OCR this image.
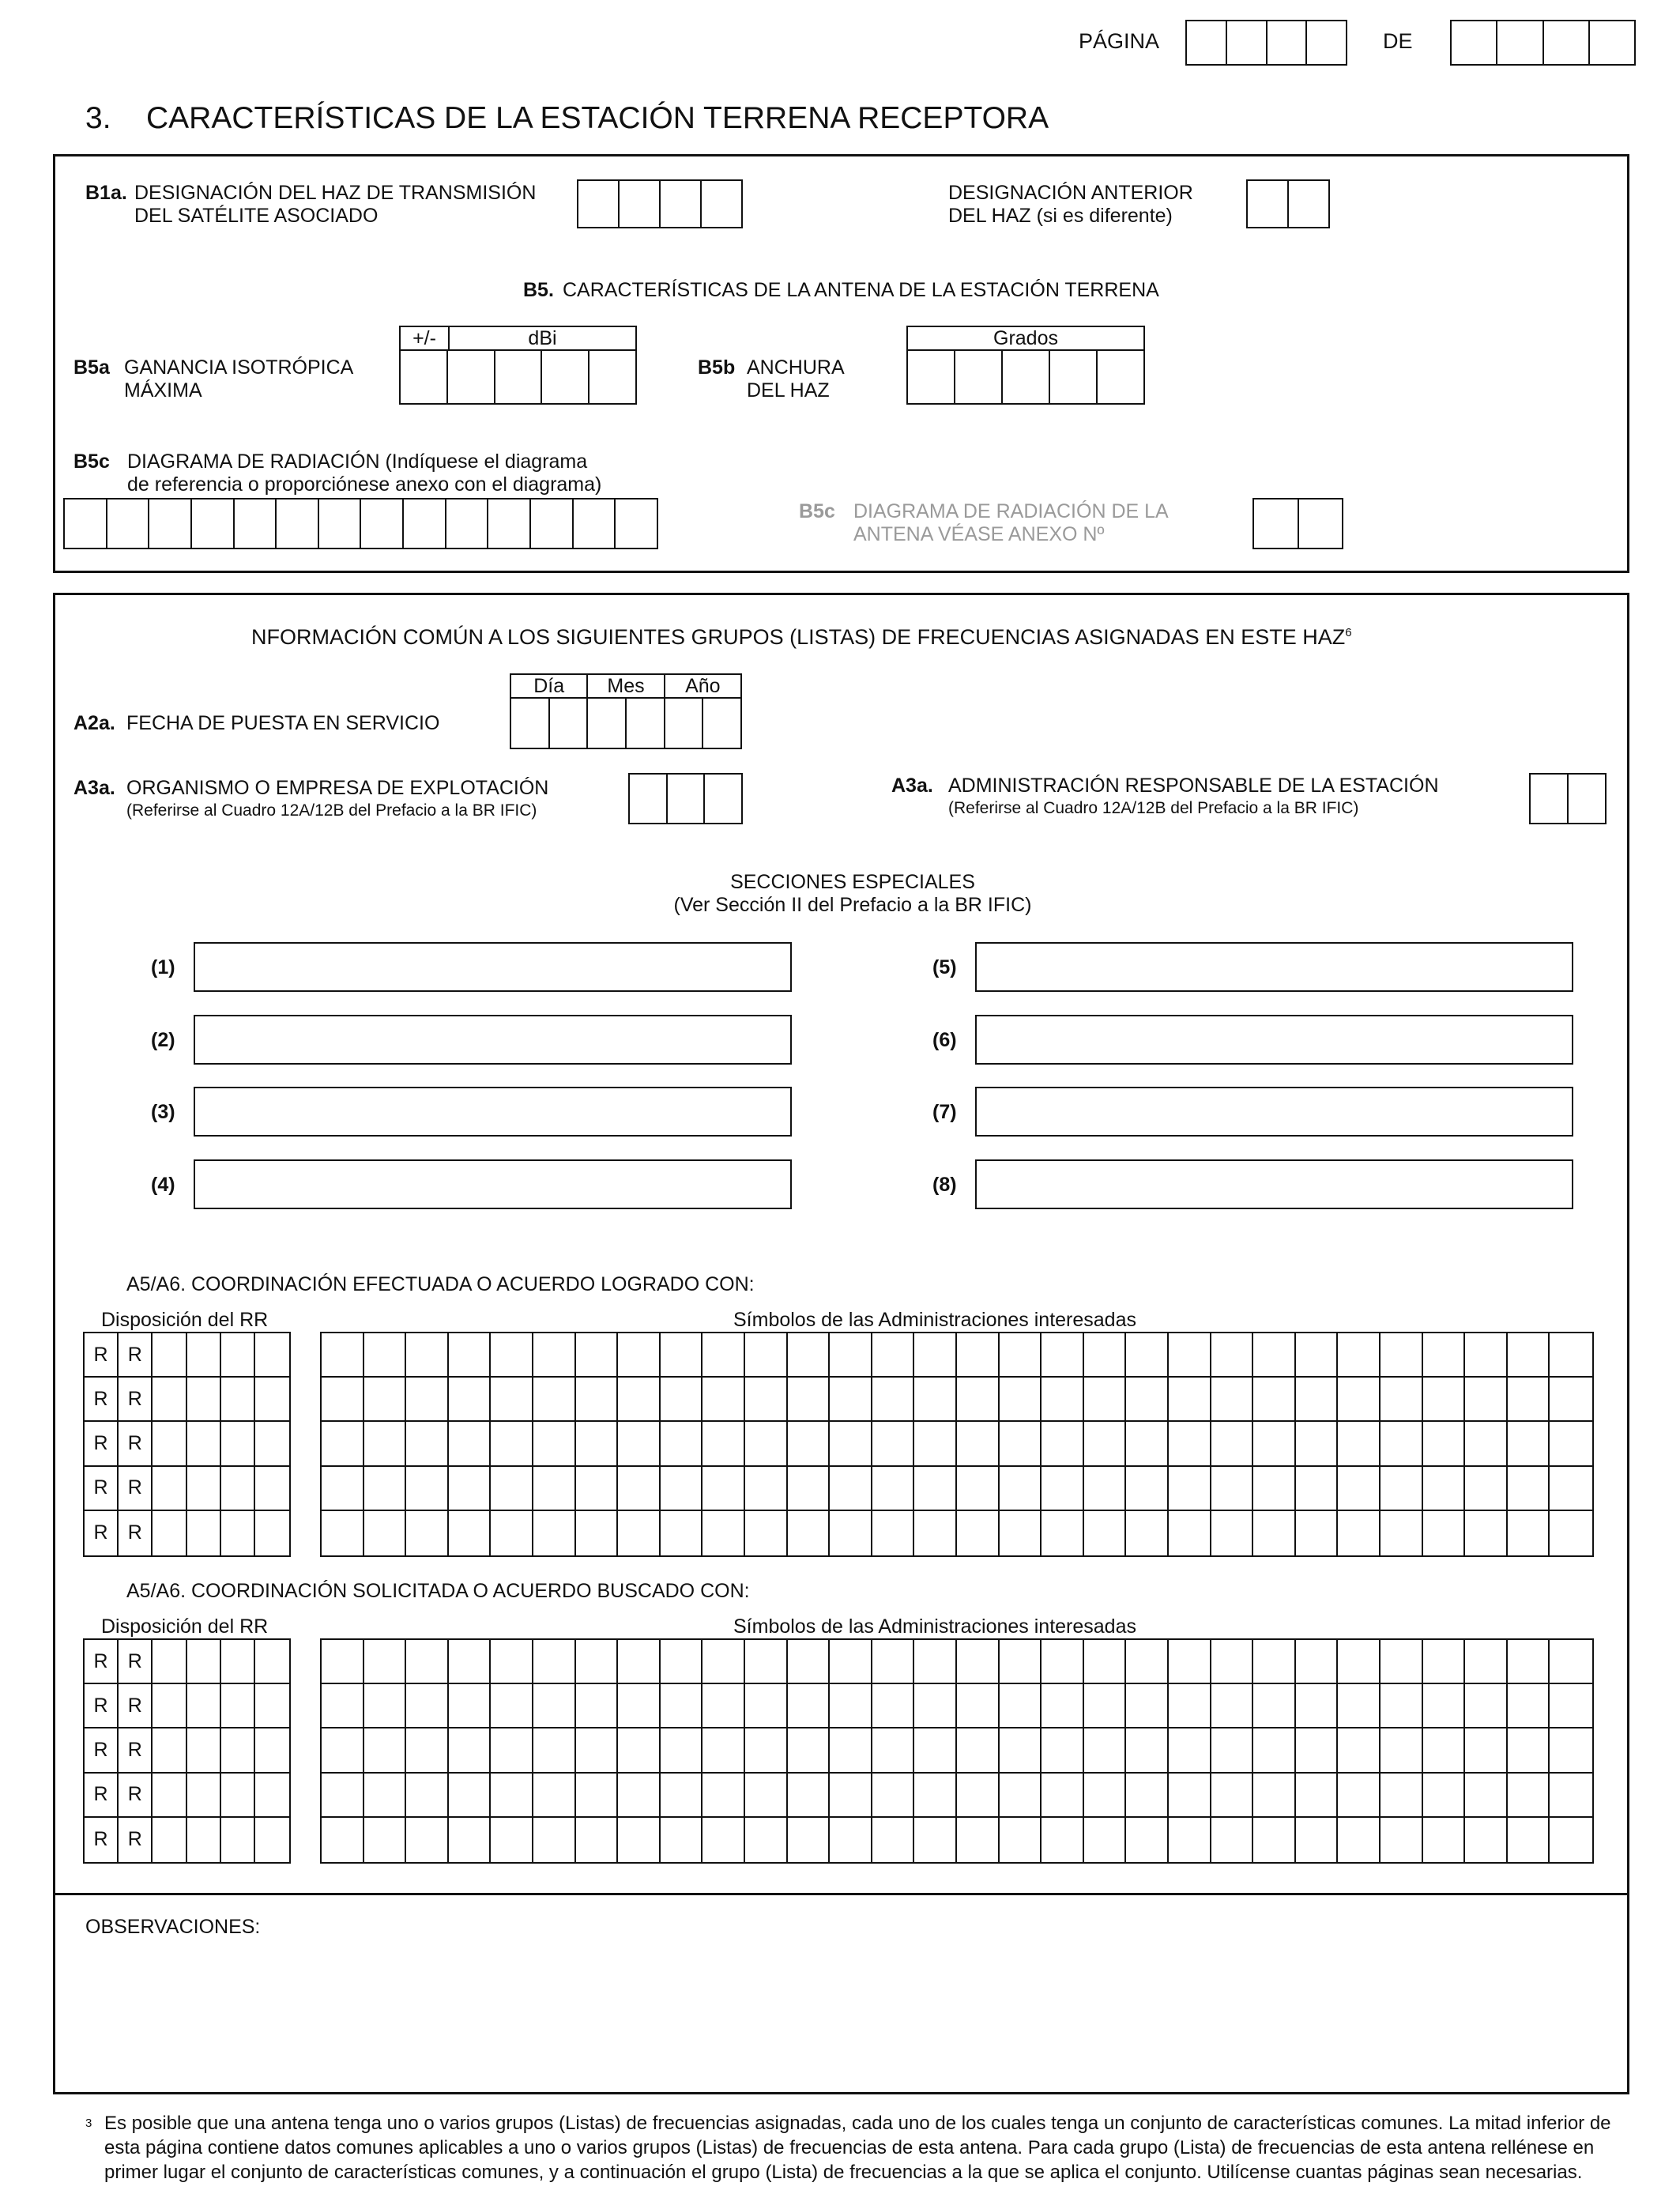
PÁGINA	DE
3. CARACTERÍSTICAS DE LA ESTACIÓN TERRENA RECEPTORA
B1a. DESIGNACIÓN DEL HAZ DE TRANSMISIÓN
DEL SATÉLITE ASOCIADO
DESIGNACIÓN ANTERIOR
DEL HAZ (si es diferente)
B5. CARACTERÍSTICAS DE LA ANTENA DE LA ESTACIÓN TERRENA
B5a GANANCIA ISOTRÓPICA
MÁXIMA
+/-	dBi
B5b ANCHURA
DEL HAZ
Grados
B5c DIAGRAMA DE RADIACIÓN (Indíquese el diagrama
de referencia o proporciónese anexo con el diagrama)
B5c DIAGRAMA DE RADIACIÓN DE LA
ANTENA VÉASE ANEXO Nº
NFORMACIÓN COMÚN A LOS SIGUIENTES GRUPOS (LISTAS) DE FRECUENCIAS ASIGNADAS EN ESTE HAZ$^6$
Día	Mes	Año
A2a. FECHA DE PUESTA EN SERVICIO
A3a. ORGANISMO O EMPRESA DE EXPLOTACIÓN
(Referirse al Cuadro 12A/12B del Prefacio a la BR IFIC)
A3a. ADMINISTRACIÓN RESPONSABLE DE LA ESTACIÓN
(Referirse al Cuadro 12A/12B del Prefacio a la BR IFIC)
SECCIONES ESPECIALES
(Ver Sección II del Prefacio a la BR IFIC)
(1)
(2)
(3)
(4)
(5)
(6)
(7)
(8)
A5/A6. COORDINACIÓN EFECTUADA O ACUERDO LOGRADO CON:
Disposición del RR	Símbolos de las Administraciones interesadas
R	R
R	R
R	R
R	R
R	R
A5/A6. COORDINACIÓN SOLICITADA O ACUERDO BUSCADO CON:
Disposición del RR	Símbolos de las Administraciones interesadas
R	R
R	R
R	R
R	R
R	R
OBSERVACIONES:
3 Es posible que una antena tenga uno o varios grupos (Listas) de frecuencias asignadas, cada uno de los cuales tenga un conjunto de características comunes. La mitad inferior de
esta página contiene datos comunes aplicables a uno o varios grupos (Listas) de frecuencias de esta antena. Para cada grupo (Lista) de frecuencias de esta antena rellénese en
primer lugar el conjunto de características comunes, y a continuación el grupo (Lista) de frecuencias a la que se aplica el conjunto. Utilícense cuantas páginas sean necesarias.
